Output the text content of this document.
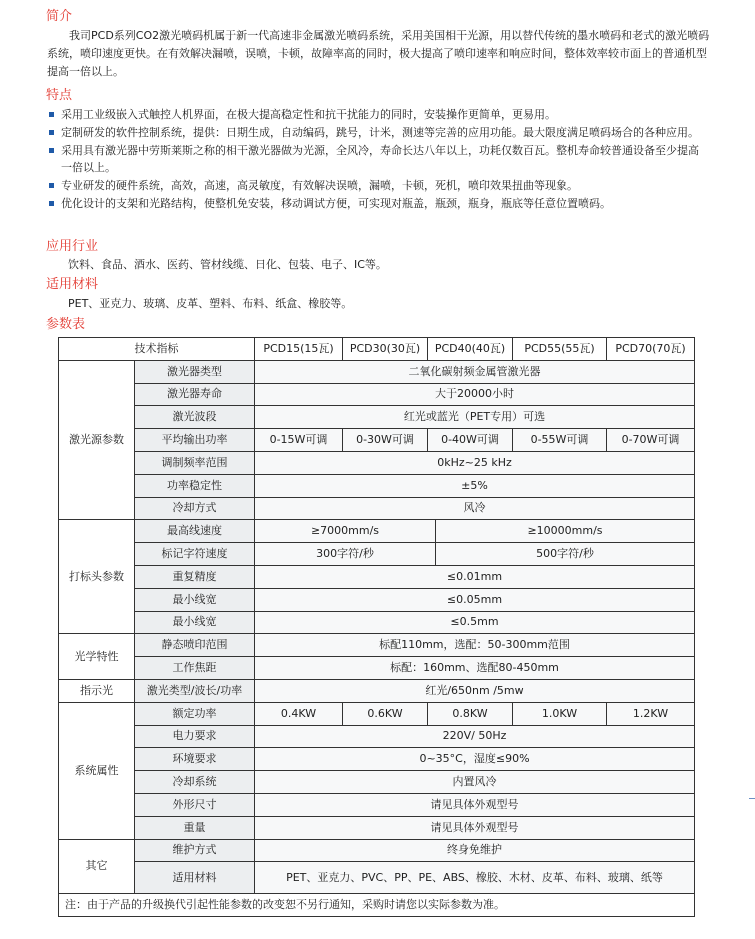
简介
我司PCD系列CO2激光喷码机属于新一代高速非金属激光喷码系统，采用美国相干光源，用以替代传统的墨水喷码和老式的激光喷码系统，喷印速度更快。在有效解决漏喷，误喷，卡顿，故障率高的同时，极大提高了喷印速率和响应时间，整体效率较市面上的普通机型提高一倍以上。
特点
采用工业级嵌入式触控人机界面，在极大提高稳定性和抗干扰能力的同时，安装操作更简单，更易用。
定制研发的软件控制系统，提供：日期生成，自动编码，跳号，计米，测速等完善的应用功能。最大限度满足喷码场合的各种应用。
采用具有激光器中劳斯莱斯之称的相干激光器做为光源，全风冷，寿命长达八年以上，功耗仅数百瓦。整机寿命较普通设备至少提高一倍以上。
专业研发的硬件系统，高效，高速，高灵敏度，有效解决误喷，漏喷，卡顿，死机，喷印效果扭曲等现象。
优化设计的支架和光路结构，使整机免安装，移动调试方便，可实现对瓶盖，瓶颈，瓶身，瓶底等任意位置喷码。
应用行业
饮料、食品、酒水、医药、管材线缆、日化、包装、电子、IC等。
适用材料
PET、亚克力、玻璃、皮革、塑料、布料、纸盒、橡胶等。
参数表
技术指标		PCD15(15瓦)	PCD30(30瓦)	PCD40(40瓦)		PCD55(55瓦)	PCD70(70瓦)
激光源参数	激光器类型	二氧化碳射频金属管激光器					
	激光器寿命	大于20000小时					
	激光波段	红光或蓝光（PET专用）可选					
	平均输出功率	0-15W可调	0-30W可调	0-40W可调		0-55W可调	0-70W可调
	调制频率范围	0kHz~25 kHz					
	功率稳定性	±5%					
	冷却方式	风冷					
打标头参数	最高线速度	≥7000mm/s			≥10000mm/s		
	标记字符速度	300字符/秒			500字符/秒		
	重复精度	≤0.01mm					
	最小线宽	≤0.05mm					
	最小线宽	≤0.5mm					
光学特性	静态喷印范围	标配110mm，选配：50-300mm范围					
	工作焦距	标配：160mm、选配80-450mm					
指示光	激光类型/波长/功率	红光/650nm /5mw					
系统属性	额定功率	0.4KW	0.6KW	0.8KW		1.0KW	1.2KW
	电力要求	220V/ 50Hz					
	环境要求	0~35°C，湿度≤90%					
	冷却系统	内置风冷					
	外形尺寸	请见具体外观型号					
	重量	请见具体外观型号					
其它	维护方式	终身免维护					
	适用材料	PET、亚克力、PVC、PP、PE、ABS、橡胶、木材、皮革、布料、玻璃、纸等					
注：由于产品的升级换代引起性能参数的改变恕不另行通知，采购时请您以实际参数为准。							
